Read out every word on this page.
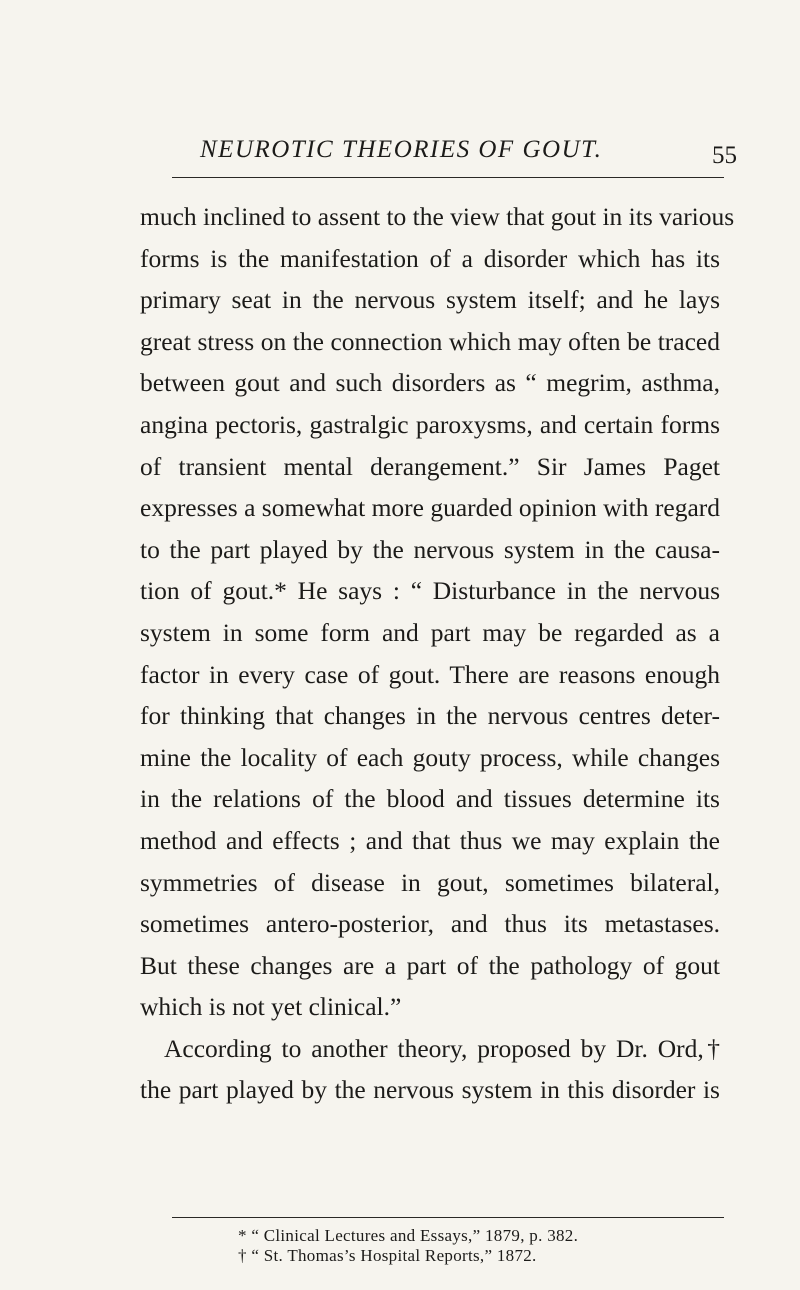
NEUROTIC THEORIES OF GOUT.	55
much inclined to assent to the view that gout in its various
forms is the manifestation of a disorder which has its
primary seat in the nervous system itself; and he lays
great stress on the connection which may often be traced
between gout and such disorders as “ megrim, asthma,
angina pectoris, gastralgic paroxysms, and certain forms
of transient mental derangement.” Sir James Paget
expresses a somewhat more guarded opinion with regard
to the part played by the nervous system in the causa-
tion of gout.* He says : “ Disturbance in the nervous
system in some form and part may be regarded as a
factor in every case of gout. There are reasons enough
for thinking that changes in the nervous centres deter-
mine the locality of each gouty process, while changes
in the relations of the blood and tissues determine its
method and effects ; and that thus we may explain the
symmetries of disease in gout, sometimes bilateral,
sometimes antero-posterior, and thus its metastases.
But these changes are a part of the pathology of gout
which is not yet clinical.”
According to another theory, proposed by Dr. Ord,†
the part played by the nervous system in this disorder is
* “ Clinical Lectures and Essays,” 1879, p. 382.
† “ St. Thomas’s Hospital Reports,” 1872.
